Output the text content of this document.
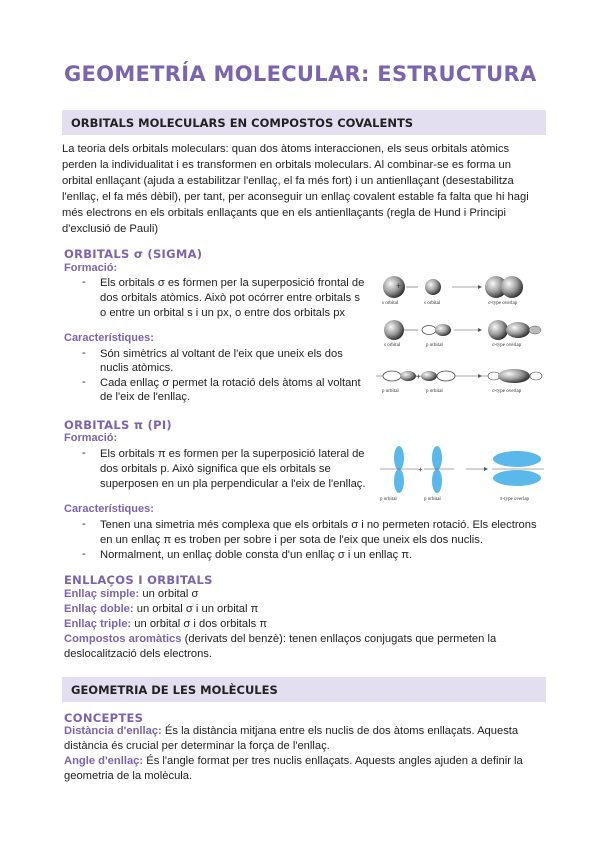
GEOMETRÍA MOLECULAR: ESTRUCTURA
ORBITALS MOLECULARS EN COMPOSTOS COVALENTS
La teoria dels orbitals moleculars: quan dos àtoms interaccionen, els seus orbitals atòmics
perden la individualitat i es transformen en orbitals moleculars. Al combinar-se es forma un
orbital enllaçant (ajuda a estabilitzar l'enllaç, el fa més fort) i un antienllaçant (desestabilitza
l'enllaç, el fa més dèbil), per tant, per aconseguir un enllaç covalent estable fa falta que hi hagi
més electrons en els orbitals enllaçants que en els antienllaçants (regla de Hund i Principi
d'exclusió de Pauli)
ORBITALS σ (SIGMA)
Formació:
- Els orbitals σ es formen per la superposició frontal de
dos orbitals atòmics. Això pot ocórrer entre orbitals s
o entre un orbital s i un px, o entre dos orbitals px
Característiques:
- Són simètrics al voltant de l'eix que uneix els dos
nuclis atòmics.
- Cada enllaç σ permet la rotació dels àtoms al voltant
de l'eix de l'enllaç.
+
s orbital	s orbital	σ-type overlap
s orbital	p orbital	σ-type overlap
+
p orbital	p orbital	σ-type overlap
ORBITALS π (PI)
Formació:
- Els orbitals π es formen per la superposició lateral de
dos orbitals p. Això significa que els orbitals se
superposen en un pla perpendicular a l'eix de l'enllaç.
+
p orbital	p orbital	π-type overlap
Característiques:
- Tenen una simetria més complexa que els orbitals σ i no permeten rotació. Els electrons
en un enllaç π es troben per sobre i per sota de l'eix que uneix els dos nuclis.
- Normalment, un enllaç doble consta d'un enllaç σ i un enllaç π.
ENLLAÇOS I ORBITALS
Enllaç simple: un orbital σ
Enllaç doble: un orbital σ i un orbital π
Enllaç triple: un orbital σ i dos orbitals π
Compostos aromàtics (derivats del benzè): tenen enllaços conjugats que permeten la
deslocalització dels electrons.
GEOMETRIA DE LES MOLÈCULES
CONCEPTES
Distància d'enllaç: És la distància mitjana entre els nuclis de dos àtoms enllaçats. Aquesta
distància és crucial per determinar la força de l'enllaç.
Angle d'enllaç: És l'angle format per tres nuclis enllaçats. Aquests angles ajuden a definir la
geometria de la molècula.
